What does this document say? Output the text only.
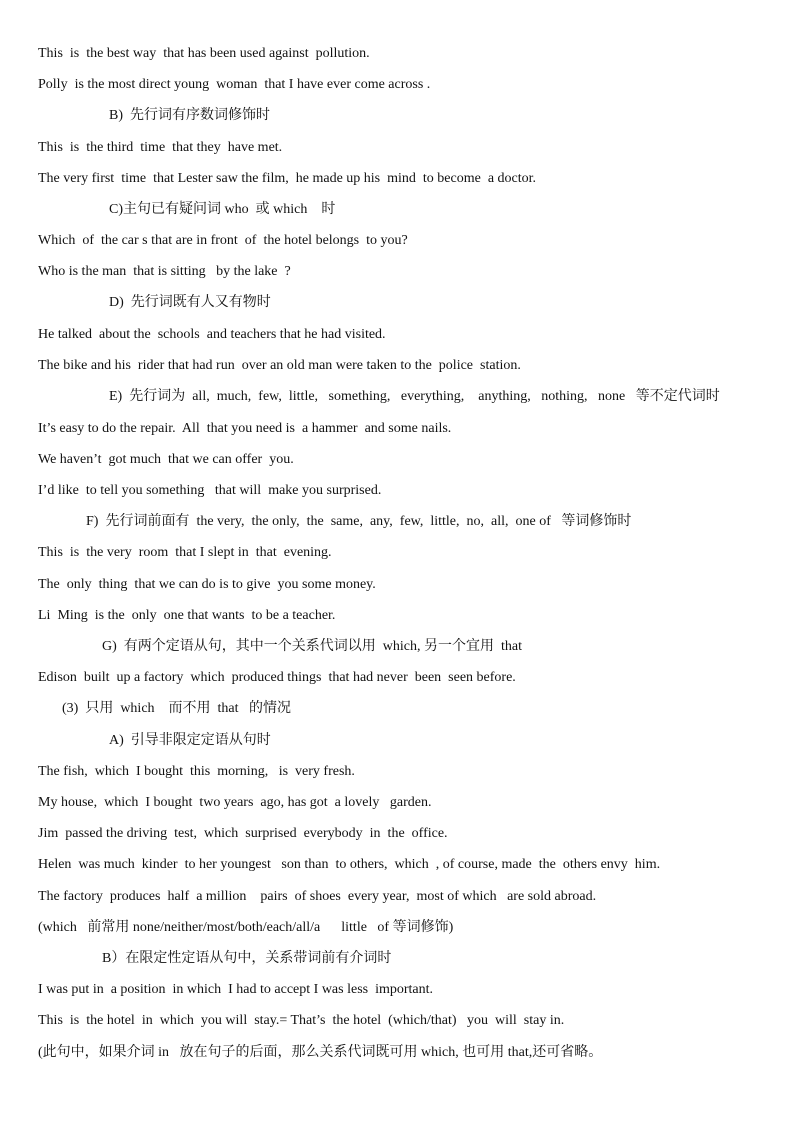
This  is  the best way  that has been used against  pollution.
Polly  is the most direct young  woman  that I have ever come across .
B)  先行词有序数词修饰时
This  is  the third  time  that they  have met.
The very first  time  that Lester saw the film,  he made up his  mind  to become  a doctor.
C)主句已有疑问词 who  或 which    时
Which  of  the car s that are in front  of  the hotel belongs  to you?
Who is the man  that is sitting   by the lake  ?
D)  先行词既有人又有物时
He talked  about the  schools  and teachers that he had visited.
The bike and his  rider that had run  over an old man were taken to the  police  station.
E)  先行词为  all,  much,  few,  little,   something,   everything,    anything,   nothing,   none   等不定代词时
It’s easy to do the repair.  All  that you need is  a hammer  and some nails.
We haven’t  got much  that we can offer  you.
I’d like  to tell you something   that will  make you surprised.
F)  先行词前面有  the very,  the only,  the  same,  any,  few,  little,  no,  all,  one of   等词修饰时
This  is  the very  room  that I slept in  that  evening.
The  only  thing  that we can do is to give  you some money.
Li  Ming  is the  only  one that wants  to be a teacher.
G)  有两个定语从句，其中一个关系代词以用  which, 另一个宜用  that
Edison  built  up a factory  which  produced things  that had never  been  seen before.
(3)  只用  which    而不用  that   的情况
A)  引导非限定定语从句时
The fish,  which  I bought  this  morning,   is  very fresh.
My house,  which  I bought  two years  ago, has got  a lovely   garden.
Jim  passed the driving  test,  which  surprised  everybody  in  the  office.
Helen  was much  kinder  to her youngest   son than  to others,  which  , of course, made  the  others envy  him.
The factory  produces  half  a million    pairs  of shoes  every year,  most of which   are sold abroad.
(which   前常用 none/neither/most/both/each/all/a      little   of 等词修饰)
B）在限定性定语从句中，关系带词前有介词时
I was put in  a position  in which  I had to accept I was less  important.
This  is  the hotel  in  which  you will  stay.= That’s  the hotel  (which/that)   you  will  stay in.
(此句中，如果介词 in   放在句子的后面，那么关系代词既可用 which, 也可用 that,还可省略。
